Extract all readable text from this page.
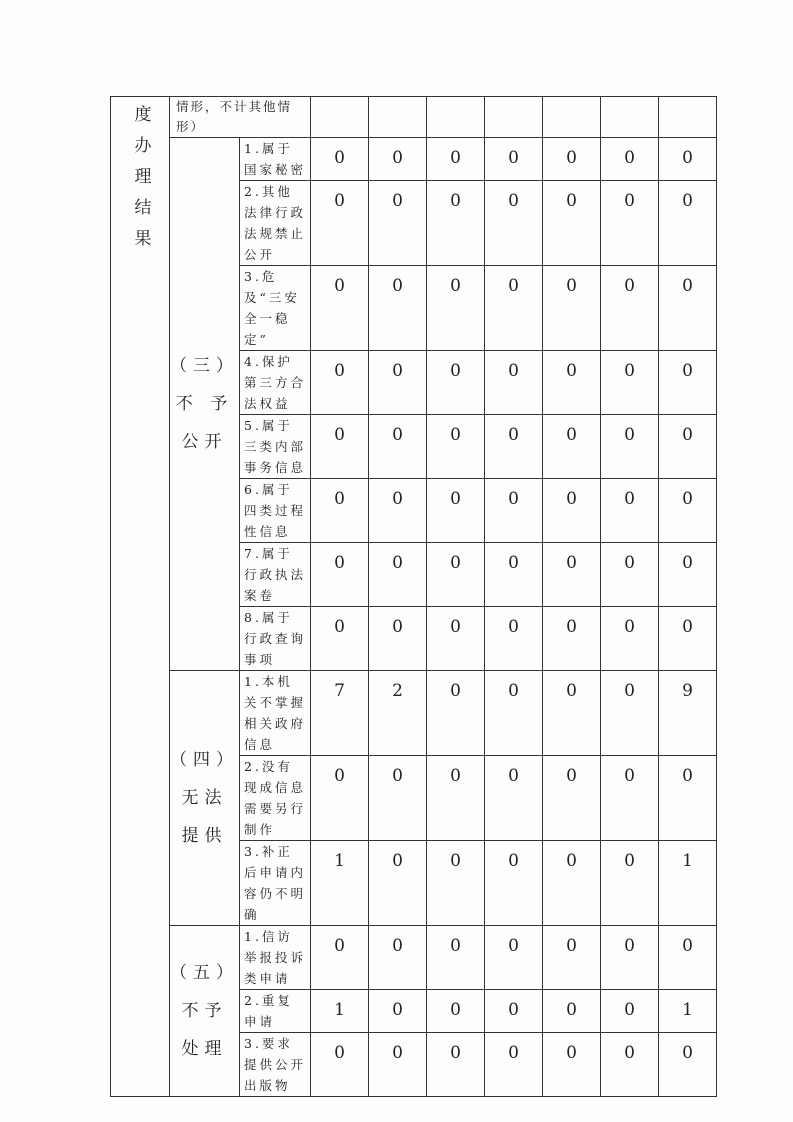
度办理结果	情形，不计其他情形）								

	（三）
不 予
公开	1.属于国家秘密	0	0	0	0	0	0	0
		2.其他法律行政法规禁止公开	0	0	0	0	0	0	0
		3.危及“三安全一稳定”	0	0	0	0	0	0	0
		4.保护第三方合法权益	0	0	0	0	0	0	0
		5.属于三类内部事务信息	0	0	0	0	0	0	0
		6.属于四类过程性信息	0	0	0	0	0	0	0
		7.属于行政执法案卷	0	0	0	0	0	0	0
		8.属于行政查询事项	0	0	0	0	0	0	0

	（四）
无法
提供	1.本机关不掌握相关政府信息	7	2	0	0	0	0	9
		2.没有现成信息需要另行制作	0	0	0	0	0	0	0
		3.补正后申请内容仍不明确	1	0	0	0	0	0	1

	（五）
不予
处理	1.信访举报投诉类申请	0	0	0	0	0	0	0
		2.重复申请	1	0	0	0	0	0	1
		3.要求提供公开出版物	0	0	0	0	0	0	0
